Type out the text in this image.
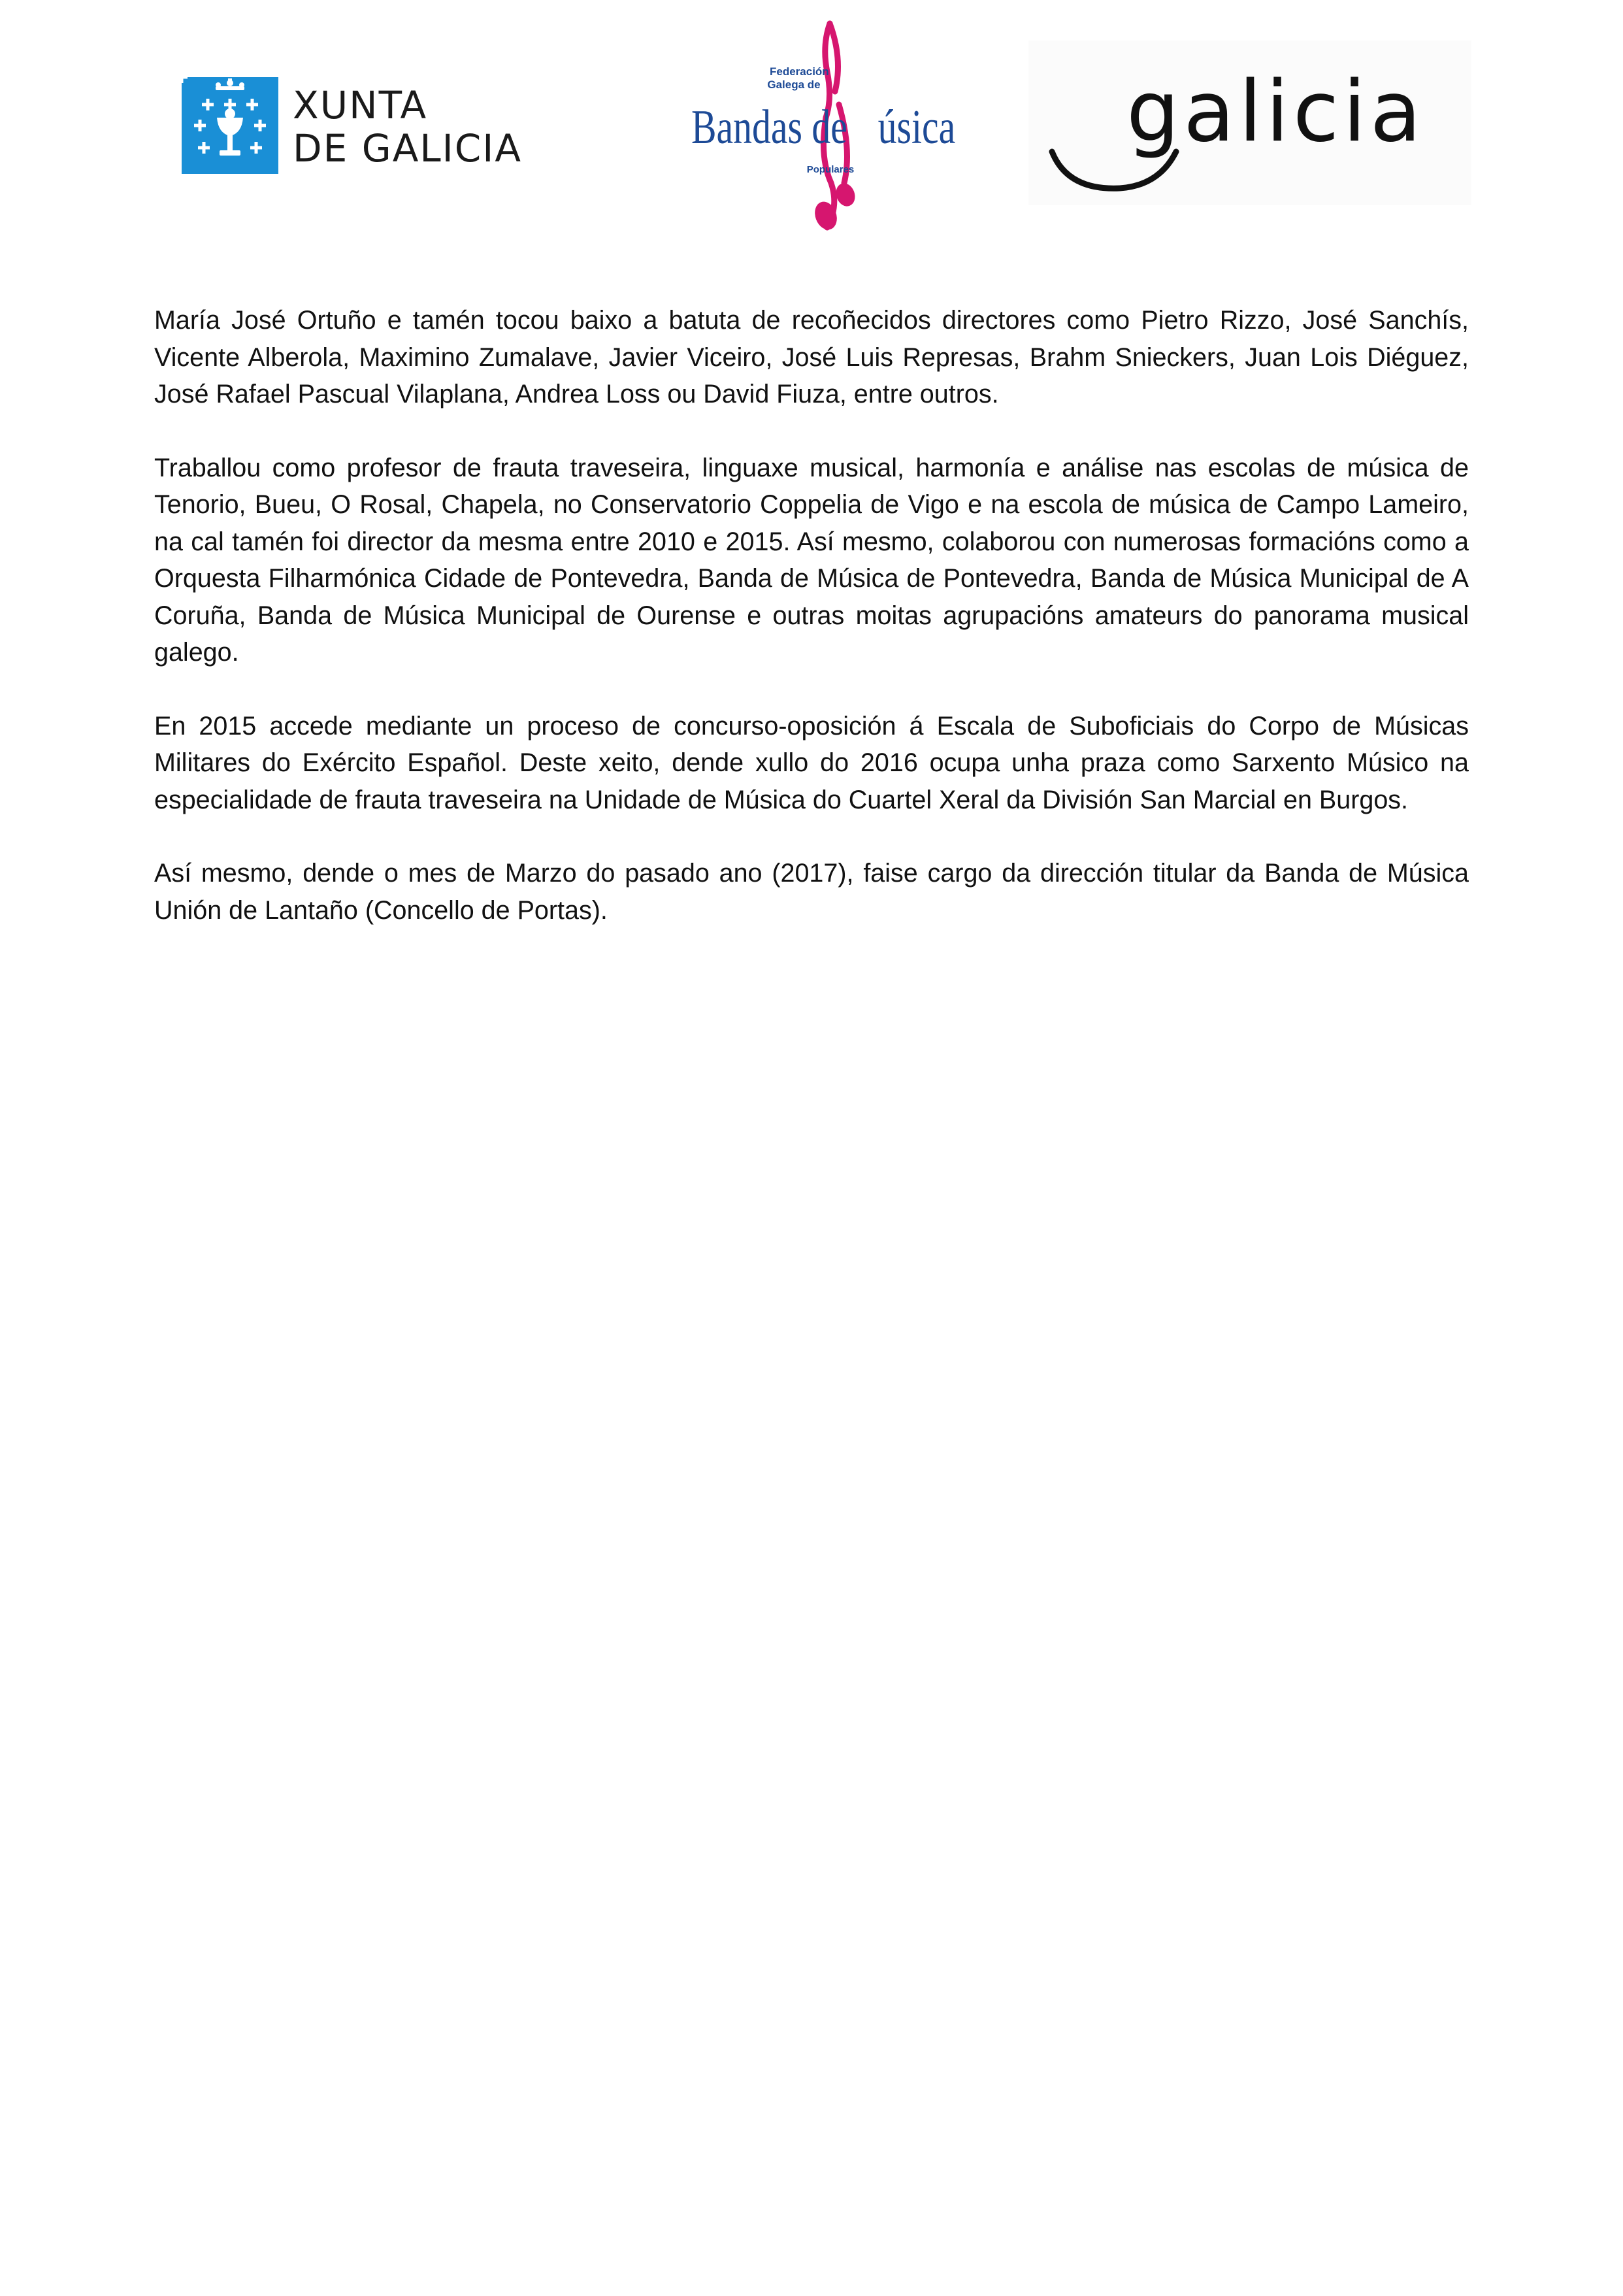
XUNTA
DE GALICIA
Federación
Galega de
Bandas de úsica
Populares
galicia

María José Ortuño e tamén tocou baixo a batuta de recoñecidos directores como Pietro Rizzo, José Sanchís, Vicente Alberola, Maximino Zumalave, Javier Viceiro, José Luis Represas, Brahm Snieckers, Juan Lois Diéguez, José Rafael Pascual Vilaplana, Andrea Loss ou David Fiuza, entre outros.

Traballou como profesor de frauta traveseira, linguaxe musical, harmonía e análise nas escolas de música de Tenorio, Bueu, O Rosal, Chapela, no Conservatorio Coppelia de Vigo e na escola de música de Campo Lameiro, na cal tamén foi director da mesma entre 2010 e 2015. Así mesmo, colaborou con numerosas formacións como a Orquesta Filharmónica Cidade de Pontevedra, Banda de Música de Pontevedra, Banda de Música Municipal de A Coruña, Banda de Música Municipal de Ourense e outras moitas agrupacións amateurs do panorama musical galego.

En 2015 accede mediante un proceso de concurso-oposición á Escala de Suboficiais do Corpo de Músicas Militares do Exército Español. Deste xeito, dende xullo do 2016 ocupa unha praza como Sarxento Músico na especialidade de frauta traveseira na Unidade de Música do Cuartel Xeral da División San Marcial en Burgos.

Así mesmo, dende o mes de Marzo do pasado ano (2017), faise cargo da dirección titular da Banda de Música Unión de Lantaño (Concello de Portas).
